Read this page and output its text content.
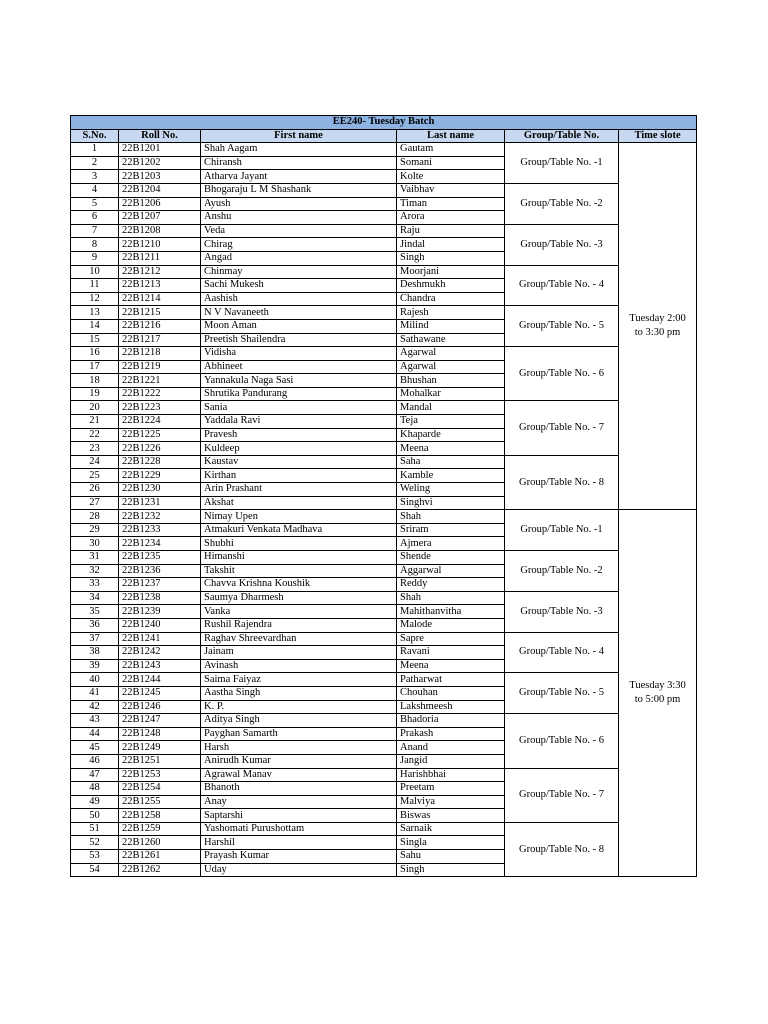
EE240- Tuesday Batch					
S.No.	Roll No.	First name	Last name	Group/Table No.	Time slote
1	22B1201	Shah Aagam	Gautam	Group/Table No. -1	Tuesday 2:00 to 3:30 pm
2	22B1202	Chiransh	Somani		
3	22B1203	Atharva Jayant	Kolte		
4	22B1204	Bhogaraju L M Shashank	Vaibhav	Group/Table No. -2	
5	22B1206	Ayush	Timan		
6	22B1207	Anshu	Arora		
7	22B1208	Veda	Raju	Group/Table No. -3	
8	22B1210	Chirag	Jindal		
9	22B1211	Angad	Singh		
10	22B1212	Chinmay	Moorjani	Group/Table No. - 4	
11	22B1213	Sachi Mukesh	Deshmukh		
12	22B1214	Aashish	Chandra		
13	22B1215	N V Navaneeth	Rajesh	Group/Table No. - 5	
14	22B1216	Moon Aman	Milind		
15	22B1217	Preetish Shailendra	Sathawane		
16	22B1218	Vidisha	Agarwal	Group/Table No. - 6	
17	22B1219	Abhineet	Agarwal		
18	22B1221	Yannakula Naga Sasi	Bhushan		
19	22B1222	Shrutika Pandurang	Mohalkar		
20	22B1223	Sania	Mandal	Group/Table No. - 7	
21	22B1224	Yaddala Ravi	Teja		
22	22B1225	Pravesh	Khaparde		
23	22B1226	Kuldeep	Meena		
24	22B1228	Kaustav	Saha	Group/Table No. - 8	
25	22B1229	Kirthan	Kamble		
26	22B1230	Arin Prashant	Weling		
27	22B1231	Akshat	Singhvi		
28	22B1232	Nimay Upen	Shah	Group/Table No. -1	Tuesday 3:30 to 5:00 pm
29	22B1233	Atmakuri Venkata Madhava	Sriram		
30	22B1234	Shubhi	Ajmera		
31	22B1235	Himanshi	Shende	Group/Table No. -2	
32	22B1236	Takshit	Aggarwal		
33	22B1237	Chavva Krishna Koushik	Reddy		
34	22B1238	Saumya Dharmesh	Shah	Group/Table No. -3	
35	22B1239	Vanka	Mahithanvitha		
36	22B1240	Rushil Rajendra	Malode		
37	22B1241	Raghav Shreevardhan	Sapre	Group/Table No. - 4	
38	22B1242	Jainam	Ravani		
39	22B1243	Avinash	Meena		
40	22B1244	Saima Faiyaz	Patharwat	Group/Table No. - 5	
41	22B1245	Aastha Singh	Chouhan		
42	22B1246	K. P.	Lakshmeesh		
43	22B1247	Aditya Singh	Bhadoria	Group/Table No. - 6	
44	22B1248	Payghan Samarth	Prakash		
45	22B1249	Harsh	Anand		
46	22B1251	Anirudh Kumar	Jangid		
47	22B1253	Agrawal Manav	Harishbhai	Group/Table No. - 7	
48	22B1254	Bhanoth	Preetam		
49	22B1255	Anay	Malviya		
50	22B1258	Saptarshi	Biswas		
51	22B1259	Yashomati Purushottam	Sarnaik	Group/Table No. - 8	
52	22B1260	Harshil	Singla		
53	22B1261	Prayash Kumar	Sahu		
54	22B1262	Uday	Singh		
